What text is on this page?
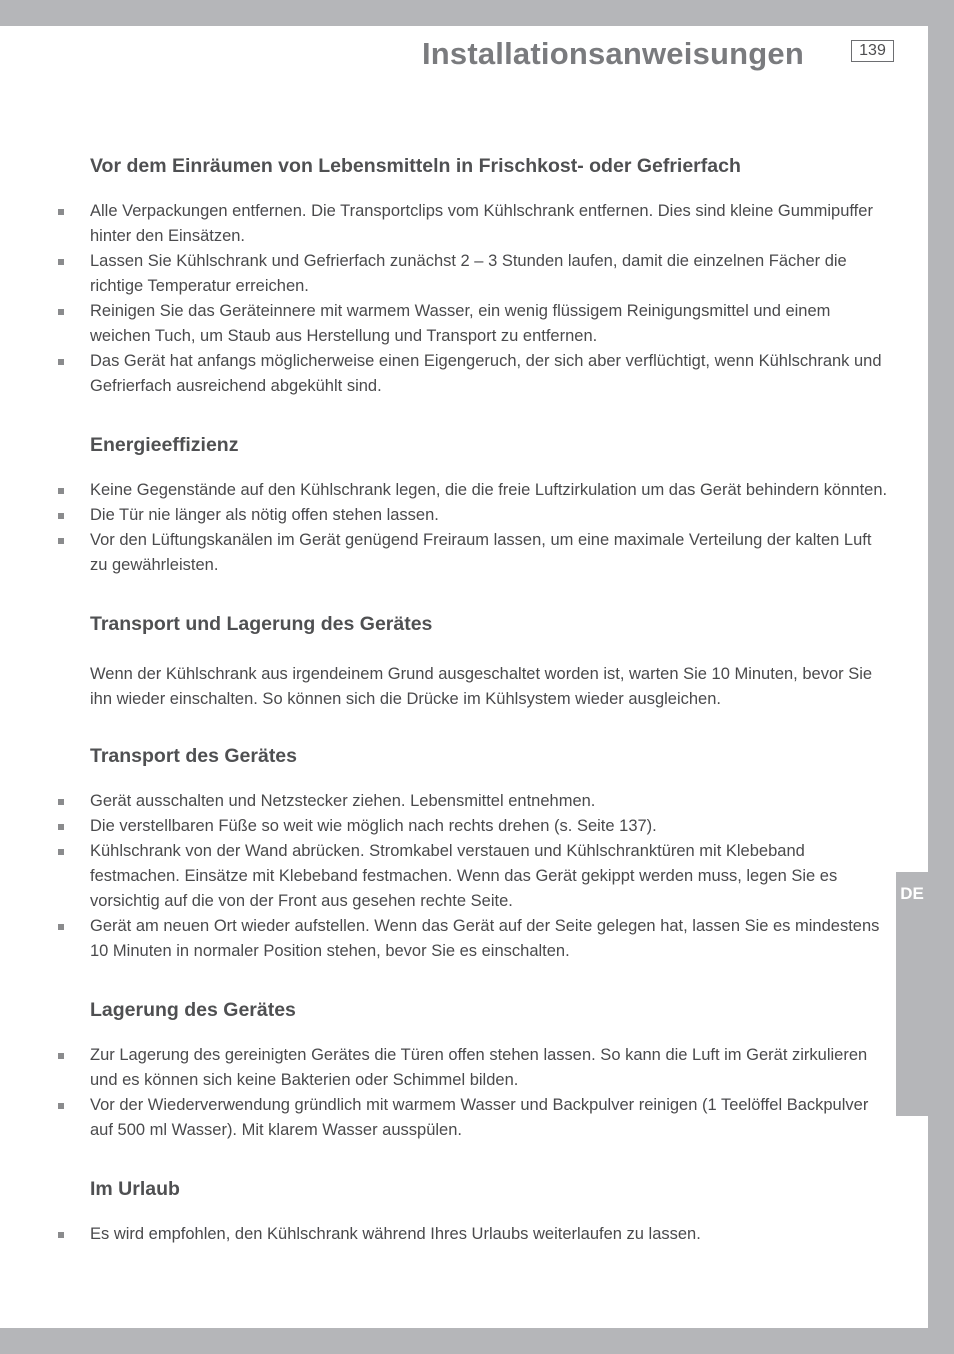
Installationsanweisungen	139
Vor dem Einräumen von Lebensmitteln in Frischkost- oder Gefrierfach
Alle Verpackungen entfernen. Die Transportclips vom Kühlschrank entfernen. Dies sind kleine Gummipuffer hinter den Einsätzen.
Lassen Sie Kühlschrank und Gefrierfach zunächst 2 – 3 Stunden laufen, damit die einzelnen Fächer die richtige Temperatur erreichen.
Reinigen Sie das Geräteinnere mit warmem Wasser, ein wenig flüssigem Reinigungsmittel und einem weichen Tuch, um Staub aus Herstellung und Transport zu entfernen.
Das Gerät hat anfangs möglicherweise einen Eigengeruch, der sich aber verflüchtigt, wenn Kühlschrank und Gefrierfach ausreichend abgekühlt sind.
Energieeffizienz
Keine Gegenstände auf den Kühlschrank legen, die die freie Luftzirkulation um das Gerät behindern könnten.
Die Tür nie länger als nötig offen stehen lassen.
Vor den Lüftungskanälen im Gerät genügend Freiraum lassen, um eine maximale Verteilung der kalten Luft zu gewährleisten.
Transport und Lagerung des Gerätes

Wenn der Kühlschrank aus irgendeinem Grund ausgeschaltet worden ist, warten Sie 10 Minuten, bevor Sie ihn wieder einschalten. So können sich die Drücke im Kühlsystem wieder ausgleichen.

Transport des Gerätes
Gerät ausschalten und Netzstecker ziehen. Lebensmittel entnehmen.
Die verstellbaren Füße so weit wie möglich nach rechts drehen (s. Seite 137).
Kühlschrank von der Wand abrücken. Stromkabel verstauen und Kühlschranktüren mit Klebeband festmachen. Einsätze mit Klebeband festmachen. Wenn das Gerät gekippt werden muss, legen Sie es vorsichtig auf die von der Front aus gesehen rechte Seite.
Gerät am neuen Ort wieder aufstellen. Wenn das Gerät auf der Seite gelegen hat, lassen Sie es mindestens 10 Minuten in normaler Position stehen, bevor Sie es einschalten.
Lagerung des Gerätes
Zur Lagerung des gereinigten Gerätes die Türen offen stehen lassen. So kann die Luft im Gerät zirkulieren und es können sich keine Bakterien oder Schimmel bilden.
Vor der Wiederverwendung gründlich mit warmem Wasser und Backpulver reinigen (1 Teelöffel Backpulver auf 500 ml Wasser). Mit klarem Wasser ausspülen.
Im Urlaub
Es wird empfohlen, den Kühlschrank während Ihres Urlaubs weiterlaufen zu lassen.
DE
